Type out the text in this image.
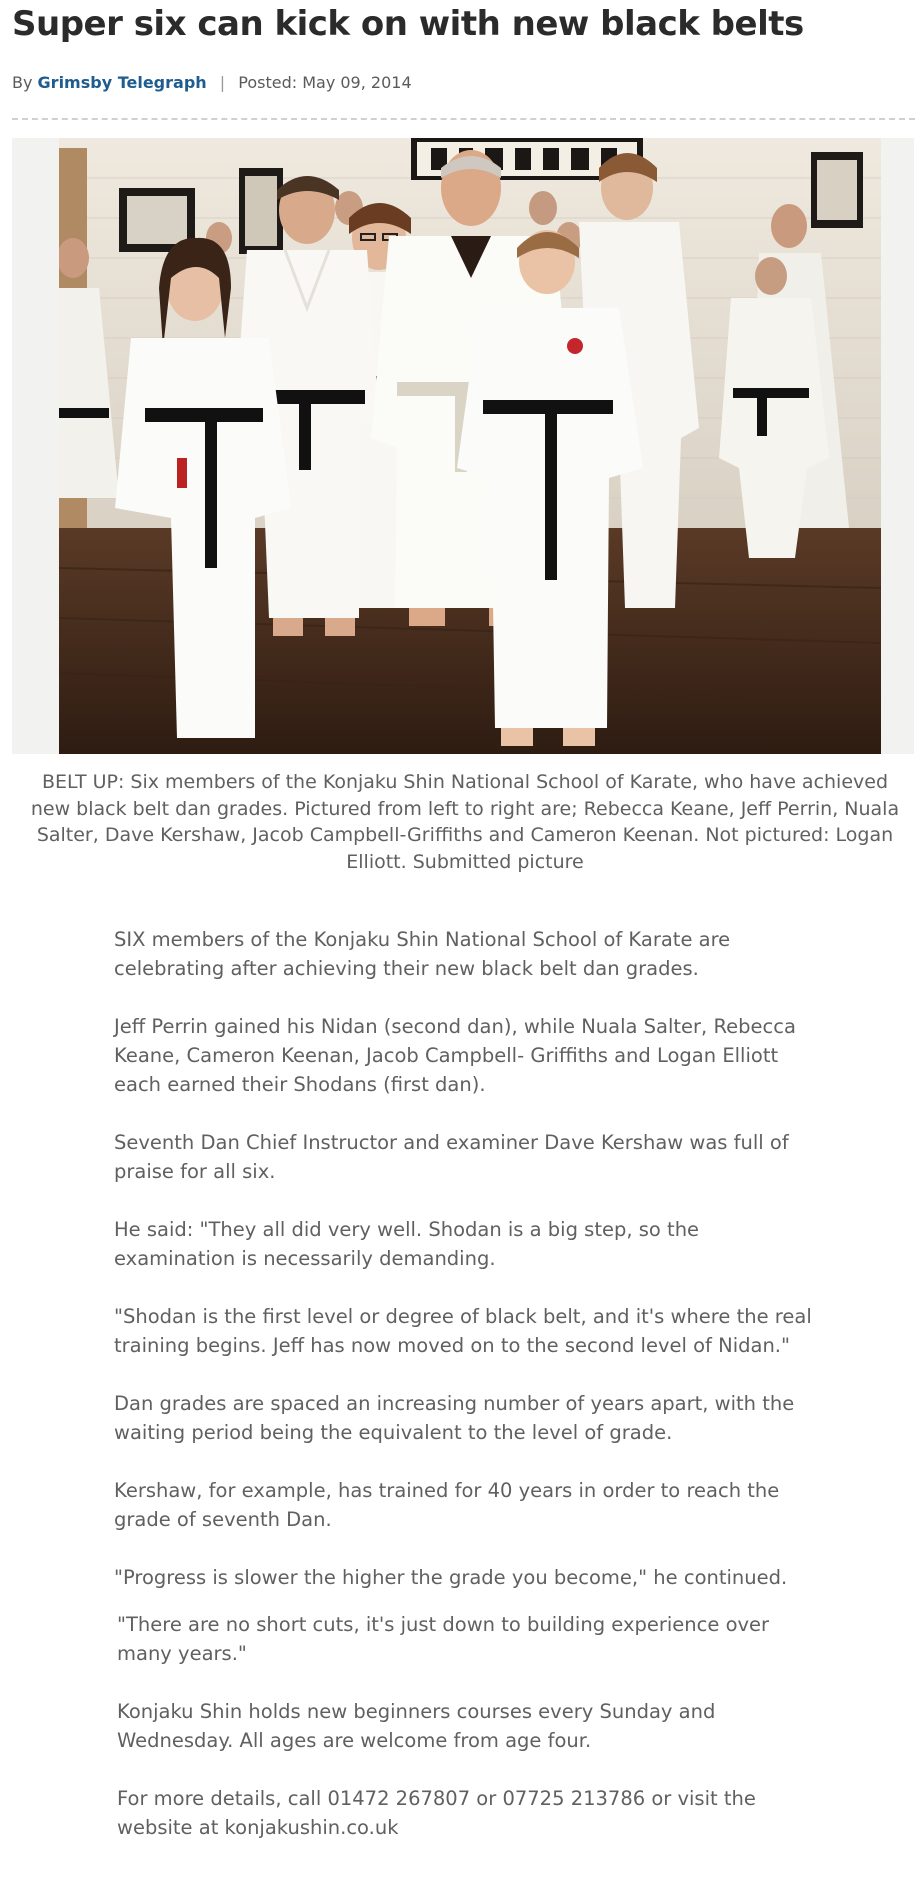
Super six can kick on with new black belts
By Grimsby Telegraph | Posted: May 09, 2014

BELT UP: Six members of the Konjaku Shin National School of Karate, who have achieved new black belt dan grades. Pictured from left to right are; Rebecca Keane, Jeff Perrin, Nuala Salter, Dave Kershaw, Jacob Campbell-Griffiths and Cameron Keenan. Not pictured: Logan Elliott. Submitted picture

SIX members of the Konjaku Shin National School of Karate are celebrating after achieving their new black belt dan grades.

Jeff Perrin gained his Nidan (second dan), while Nuala Salter, Rebecca Keane, Cameron Keenan, Jacob Campbell- Griffiths and Logan Elliott each earned their Shodans (first dan).

Seventh Dan Chief Instructor and examiner Dave Kershaw was full of praise for all six.

He said: "They all did very well. Shodan is a big step, so the examination is necessarily demanding.

"Shodan is the first level or degree of black belt, and it's where the real training begins. Jeff has now moved on to the second level of Nidan."

Dan grades are spaced an increasing number of years apart, with the waiting period being the equivalent to the level of grade.

Kershaw, for example, has trained for 40 years in order to reach the grade of seventh Dan.

"Progress is slower the higher the grade you become," he continued.

"There are no short cuts, it's just down to building experience over many years."

Konjaku Shin holds new beginners courses every Sunday and Wednesday. All ages are welcome from age four.

For more details, call 01472 267807 or 07725 213786 or visit the website at konjakushin.co.uk
